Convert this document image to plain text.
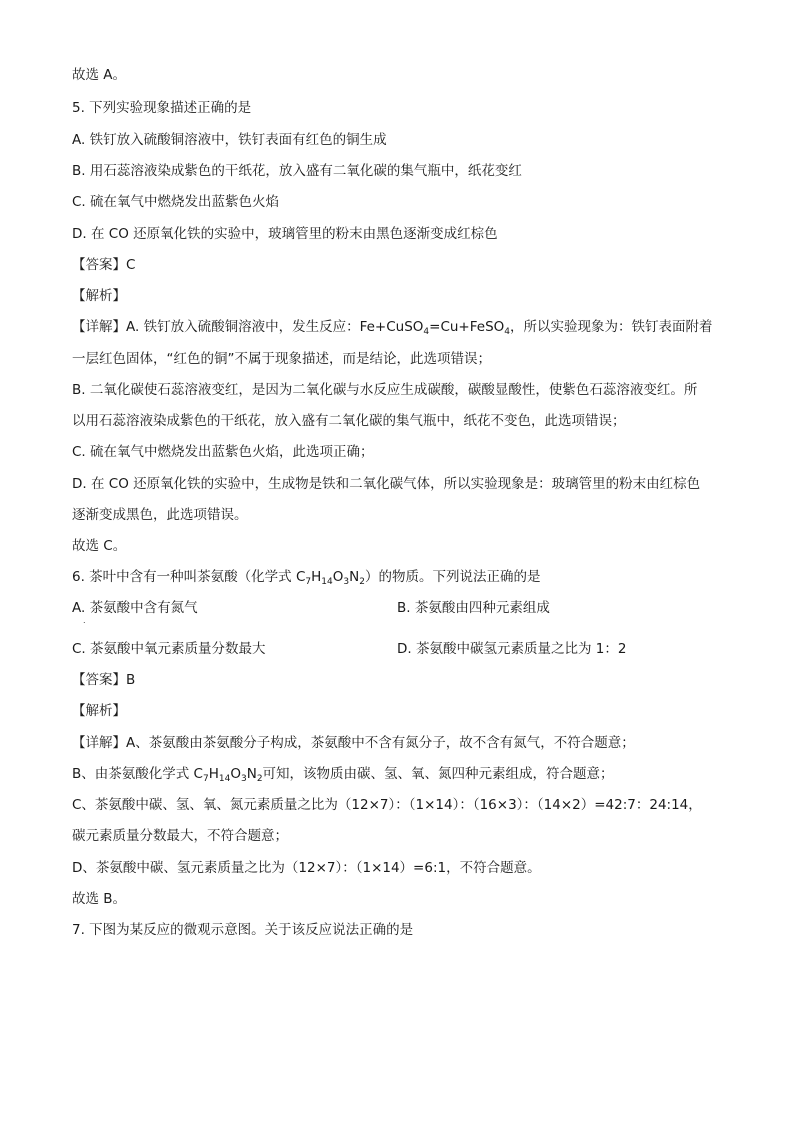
故选 A。
5. 下列实验现象描述正确的是
A. 铁钉放入硫酸铜溶液中，铁钉表面有红色的铜生成
B. 用石蕊溶液染成紫色的干纸花，放入盛有二氧化碳的集气瓶中，纸花变红
C. 硫在氧气中燃烧发出蓝紫色火焰
D. 在 CO 还原氧化铁的实验中，玻璃管里的粉末由黑色逐渐变成红棕色
【答案】C
【解析】
【详解】A. 铁钉放入硫酸铜溶液中，发生反应：Fe+CuSO$_4$=Cu+FeSO$_4$，所以实验现象为：铁钉表面附着
一层红色固体，“红色的铜”不属于现象描述，而是结论，此选项错误；
B. 二氧化碳使石蕊溶液变红，是因为二氧化碳与水反应生成碳酸，碳酸显酸性，使紫色石蕊溶液变红。所
以用石蕊溶液染成紫色的干纸花，放入盛有二氧化碳的集气瓶中，纸花不变色，此选项错误；
C. 硫在氧气中燃烧发出蓝紫色火焰，此选项正确；
D. 在 CO 还原氧化铁的实验中，生成物是铁和二氧化碳气体，所以实验现象是：玻璃管里的粉末由红棕色
逐渐变成黑色，此选项错误。
故选 C。
6. 茶叶中含有一种叫茶氨酸（化学式 $C_7H_{14}O_3N_2$）的物质。下列说法正确的是
A. 茶氨酸中含有氮气
.
B. 茶氨酸由四种元素组成
C. 茶氨酸中氧元素质量分数最大	D. 茶氨酸中碳氢元素质量之比为 1：2
【答案】B
【解析】
【详解】A、茶氨酸由茶氨酸分子构成，茶氨酸中不含有氮分子，故不含有氮气，不符合题意；
B、由茶氨酸化学式 $C_7H_{14}O_3N_2$可知，该物质由碳、氢、氧、氮四种元素组成，符合题意；
C、茶氨酸中碳、氢、氧、氮元素质量之比为（12×7）：（1×14）：（16×3）：（14×2）=42:7：24:14，
碳元素质量分数最大，不符合题意；
D、茶氨酸中碳、氢元素质量之比为（12×7）：（1×14）=6:1，不符合题意。
故选 B。
7. 下图为某反应的微观示意图。关于该反应说法正确的是
